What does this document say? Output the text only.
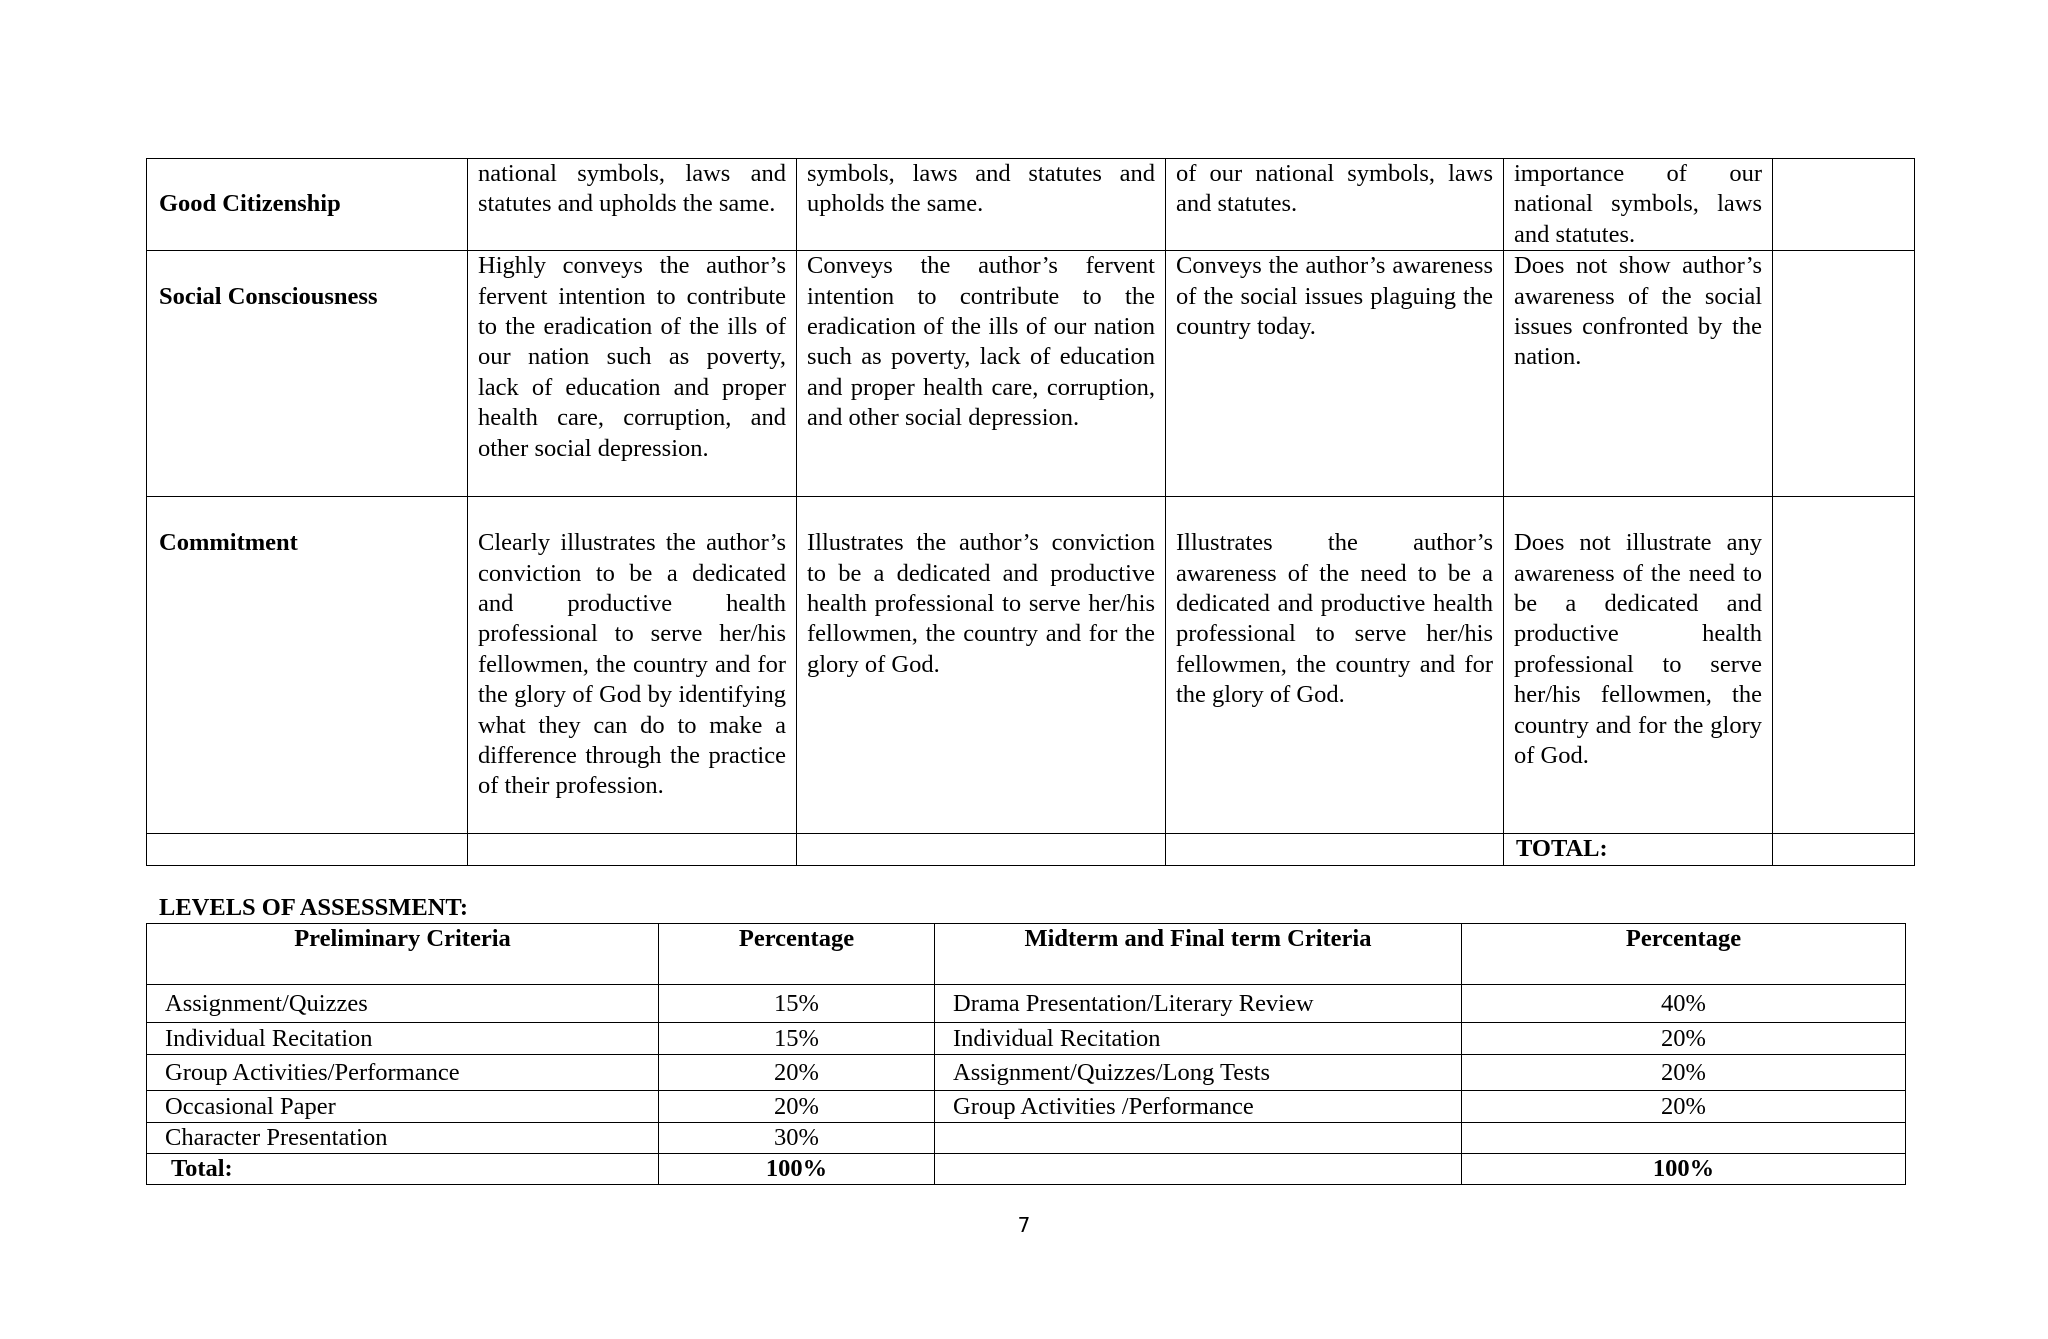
Good Citizenship	national symbols, laws and statutes and upholds the same.	symbols, laws and statutes and upholds the same.	of our national symbols, laws and statutes.	importance of our national symbols, laws and statutes.	
Social Consciousness	Highly conveys the author’s fervent intention to contribute to the eradication of the ills of our nation such as poverty, lack of education and proper health care, corruption, and other social depression.	Conveys the author’s fervent intention to contribute to the eradication of the ills of our nation such as poverty, lack of education and proper health care, corruption, and other social depression.	Conveys the author’s awareness of the social issues plaguing the country today.	Does not show author’s awareness of the social issues confronted by the nation.	
Commitment	Clearly illustrates the author’s conviction to be a dedicated and productive health professional to serve her/his fellowmen, the country and for the glory of God by identifying what they can do to make a difference through the practice of their profession.	Illustrates the author’s conviction to be a dedicated and productive health professional to serve her/his fellowmen, the country and for the glory of God.	Illustrates the author’s awareness of the need to be a dedicated and productive health professional to serve her/his fellowmen, the country and for the glory of God.	Does not illustrate any awareness of the need to be a dedicated and productive health professional to serve her/his fellowmen, the country and for the glory of God.	
				TOTAL:	

LEVELS OF ASSESSMENT:

Preliminary Criteria	Percentage	Midterm and Final term Criteria	Percentage
Assignment/Quizzes	15%	Drama Presentation/Literary Review	40%
Individual Recitation	15%	Individual Recitation	20%
Group Activities/Performance	20%	Assignment/Quizzes/Long Tests	20%
Occasional Paper	20%	Group Activities /Performance	20%
Character Presentation	30%		
Total:	100%		100%
7
